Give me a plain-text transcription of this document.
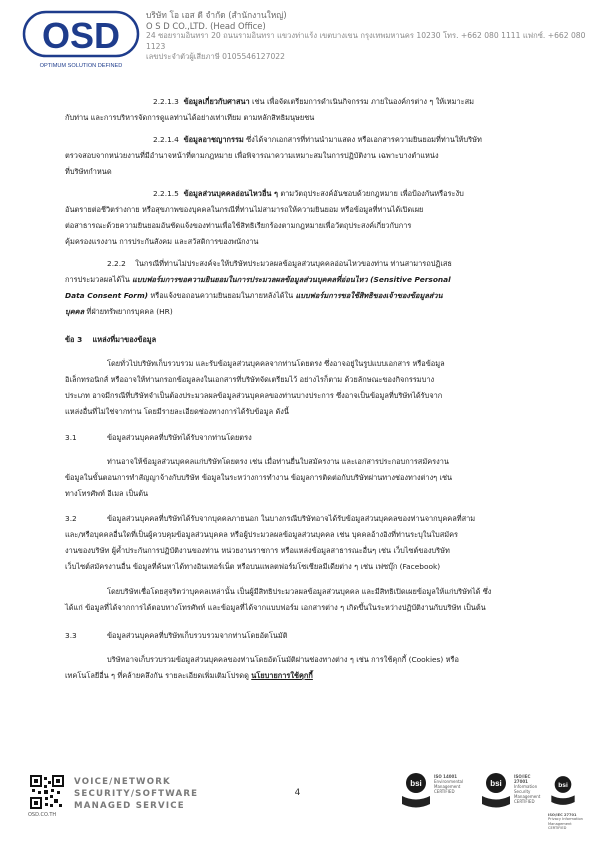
OSD
OPTIMUM SOLUTION DEFINED
บริษัท โอ เอส ดี จำกัด (สำนักงานใหญ่)
O S D CO.,LTD. (Head Office)
24 ซอยรามอินทรา 20 ถนนรามอินทรา แขวงท่าแร้ง เขตบางเขน กรุงเทพมหานคร 10230 โทร. +662 080 1111 แฟกซ์. +662 080 1123
เลขประจำตัวผู้เสียภาษี 0105546127022
2.2.1.3 ข้อมูลเกี่ยวกับศาสนา เช่น เพื่อจัดเตรียมการดำเนินกิจกรรม ภายในองค์กรต่าง ๆ ให้เหมาะสม
กับท่าน และการบริหารจัดการดูแลท่านได้อย่างเท่าเทียม ตามหลักสิทธิมนุษยชน
2.2.1.4 ข้อมูลอาชญากรรม ซึ่งได้จากเอกสารที่ท่านนำมาแสดง หรือเอกสารความยินยอมที่ท่านให้บริษัท
ตรวจสอบจากหน่วยงานที่มีอำนาจหน้าที่ตามกฎหมาย เพื่อพิจารณาความเหมาะสมในการปฏิบัติงาน เฉพาะบางตำแหน่ง
ที่บริษัทกำหนด
2.2.1.5 ข้อมูลส่วนบุคคลอ่อนไหวอื่น ๆ ตามวัตถุประสงค์อันชอบด้วยกฎหมาย เพื่อป้องกันหรือระงับ
อันตรายต่อชีวิตร่างกาย หรือสุขภาพของบุคคลในกรณีที่ท่านไม่สามารถให้ความยินยอม หรือข้อมูลที่ท่านได้เปิดเผย
ต่อสาธารณะด้วยความยินยอมอันชัดแจ้งของท่านเพื่อใช้สิทธิเรียกร้องตามกฎหมายเพื่อวัตถุประสงค์เกี่ยวกับการ
คุ้มครองแรงงาน การประกันสังคม และสวัสดิการของพนักงาน
2.2.2 ในกรณีที่ท่านไม่ประสงค์จะให้บริษัทประมวลผลข้อมูลส่วนบุคคลอ่อนไหวของท่าน ท่านสามารถปฏิเสธ
การประมวลผลได้ใน แบบฟอร์มการขอความยินยอมในการประมวลผลข้อมูลส่วนบุคคลที่อ่อนไหว (Sensitive Personal
Data Consent Form) หรือแจ้งขอถอนความยินยอมในภายหลังได้ใน แบบฟอร์มการขอใช้สิทธิของเจ้าของข้อมูลส่วน
บุคคล ที่ฝ่ายทรัพยากรบุคคล (HR)
ข้อ 3 แหล่งที่มาของข้อมูล
โดยทั่วไปบริษัทเก็บรวบรวม และรับข้อมูลส่วนบุคคลจากท่านโดยตรง ซึ่งอาจอยู่ในรูปแบบเอกสาร หรือข้อมูล
อิเล็กทรอนิกส์ หรืออาจให้ท่านกรอกข้อมูลลงในเอกสารที่บริษัทจัดเตรียมไว้ อย่างไรก็ตาม ด้วยลักษณะของกิจกรรมบาง
ประเภท อาจมีกรณีที่บริษัทจำเป็นต้องประมวลผลข้อมูลส่วนบุคคลของท่านบางประการ ซึ่งอาจเป็นข้อมูลที่บริษัทได้รับจาก
แหล่งอื่นที่ไม่ใช่จากท่าน โดยมีรายละเอียดช่องทางการได้รับข้อมูล ดังนี้
3.1	ข้อมูลส่วนบุคคลที่บริษัทได้รับจากท่านโดยตรง
ท่านอาจให้ข้อมูลส่วนบุคคลแก่บริษัทโดยตรง เช่น เมื่อท่านยื่นใบสมัครงาน และเอกสารประกอบการสมัครงาน
ข้อมูลในขั้นตอนการทำสัญญาจ้างกับบริษัท ข้อมูลในระหว่างการทำงาน ข้อมูลการติดต่อกับบริษัทผ่านทางช่องทางต่างๆ เช่น
ทางโทรศัพท์ อีเมล เป็นต้น
3.2	ข้อมูลส่วนบุคคลที่บริษัทได้รับจากบุคคลภายนอก ในบางกรณีบริษัทอาจได้รับข้อมูลส่วนบุคคลของท่านจากบุคคลที่สาม
และ/หรือบุคคลอื่นใดที่เป็นผู้ควบคุมข้อมูลส่วนบุคคล หรือผู้ประมวลผลข้อมูลส่วนบุคคล เช่น บุคคลอ้างอิงที่ท่านระบุในใบสมัคร
งานของบริษัท ผู้ค้ำประกันการปฏิบัติงานของท่าน หน่วยงานราชการ หรือแหล่งข้อมูลสาธารณะอื่นๆ เช่น เว็บไซต์ของบริษัท
เว็บไซต์สมัครงานอื่น ข้อมูลที่ค้นหาได้ทางอินเทอร์เน็ต หรือบนแพลตฟอร์มโซเชียลมีเดียต่าง ๆ เช่น เฟซบุ๊ก (Facebook)
โดยบริษัทเชื่อโดยสุจริตว่าบุคคลเหล่านั้น เป็นผู้มีสิทธิประมวลผลข้อมูลส่วนบุคคล และมีสิทธิเปิดเผยข้อมูลให้แก่บริษัทได้ ซึ่ง
ได้แก่ ข้อมูลที่ได้จากการได้ตอบทางโทรศัพท์ และข้อมูลที่ได้จากแบบฟอร์ม เอกสารต่าง ๆ เกิดขึ้นในระหว่างปฏิบัติงานกับบริษัท เป็นต้น
3.3	ข้อมูลส่วนบุคคลที่บริษัทเก็บรวบรวมจากท่านโดยอัตโนมัติ
บริษัทอาจเก็บรวบรวมข้อมูลส่วนบุคคลของท่านโดยอัตโนมัติผ่านช่องทางต่าง ๆ เช่น การใช้คุกกี้ (Cookies) หรือ
เทคโนโลยีอื่น ๆ ที่คล้ายคลึงกัน รายละเอียดเพิ่มเติมโปรดดู นโยบายการใช้คุกกี้
OSD.CO.TH
VOICE/NETWORK
SECURITY/SOFTWARE
MANAGED SERVICE
4
bsi
ISO 14001
Environmental Management
CERTIFIED
bsi
ISO/IEC 27001
Information Security Management
CERTIFIED
bsi
ISO/IEC 27701
Privacy Information Management
CERTIFIED
